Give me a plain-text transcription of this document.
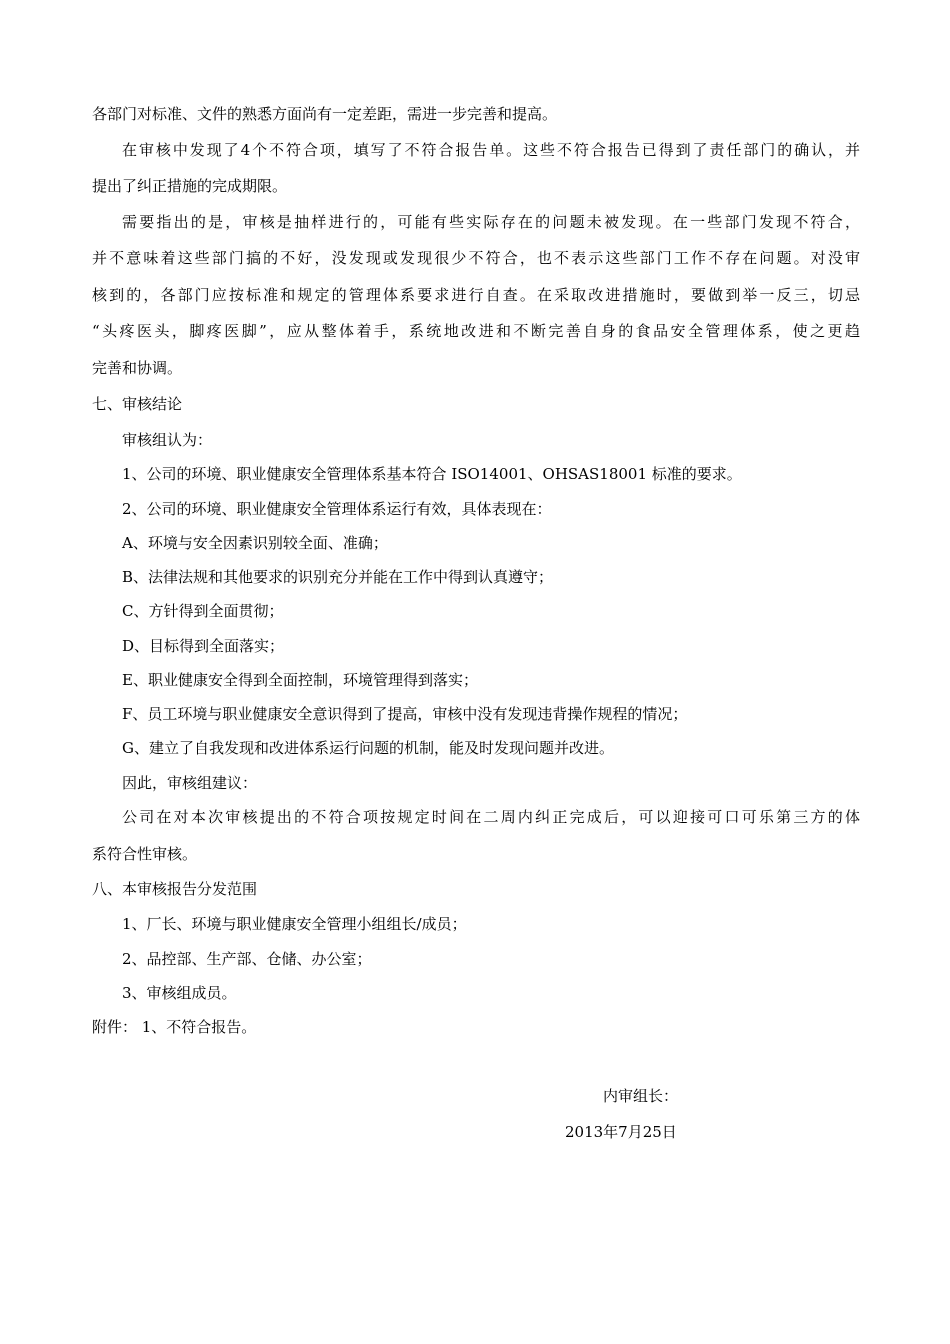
各部门对标准、文件的熟悉方面尚有一定差距，需进一步完善和提高。
在审核中发现了4个不符合项，填写了不符合报告单。这些不符合报告已得到了责任部门的确认，并
提出了纠正措施的完成期限。
需要指出的是，审核是抽样进行的，可能有些实际存在的问题未被发现。在一些部门发现不符合，
并不意味着这些部门搞的不好，没发现或发现很少不符合，也不表示这些部门工作不存在问题。对没审
核到的，各部门应按标准和规定的管理体系要求进行自查。在采取改进措施时，要做到举一反三，切忌
“头疼医头，脚疼医脚”，应从整体着手，系统地改进和不断完善自身的食品安全管理体系，使之更趋
完善和协调。
七、审核结论
审核组认为：
1、公司的环境、职业健康安全管理体系基本符合 ISO14001、OHSAS18001 标准的要求。
2、公司的环境、职业健康安全管理体系运行有效，具体表现在：
A、环境与安全因素识别较全面、准确；
B、法律法规和其他要求的识别充分并能在工作中得到认真遵守；
C、方针得到全面贯彻；
D、目标得到全面落实；
E、职业健康安全得到全面控制，环境管理得到落实；
F、员工环境与职业健康安全意识得到了提高，审核中没有发现违背操作规程的情况；
G、建立了自我发现和改进体系运行问题的机制，能及时发现问题并改进。
因此，审核组建议：
公司在对本次审核提出的不符合项按规定时间在二周内纠正完成后，可以迎接可口可乐第三方的体
系符合性审核。
八、本审核报告分发范围
1、厂长、环境与职业健康安全管理小组组长/成员；
2、品控部、生产部、仓储、办公室；
3、审核组成员。
附件： 1、不符合报告。
内审组长：
2013年7月25日
